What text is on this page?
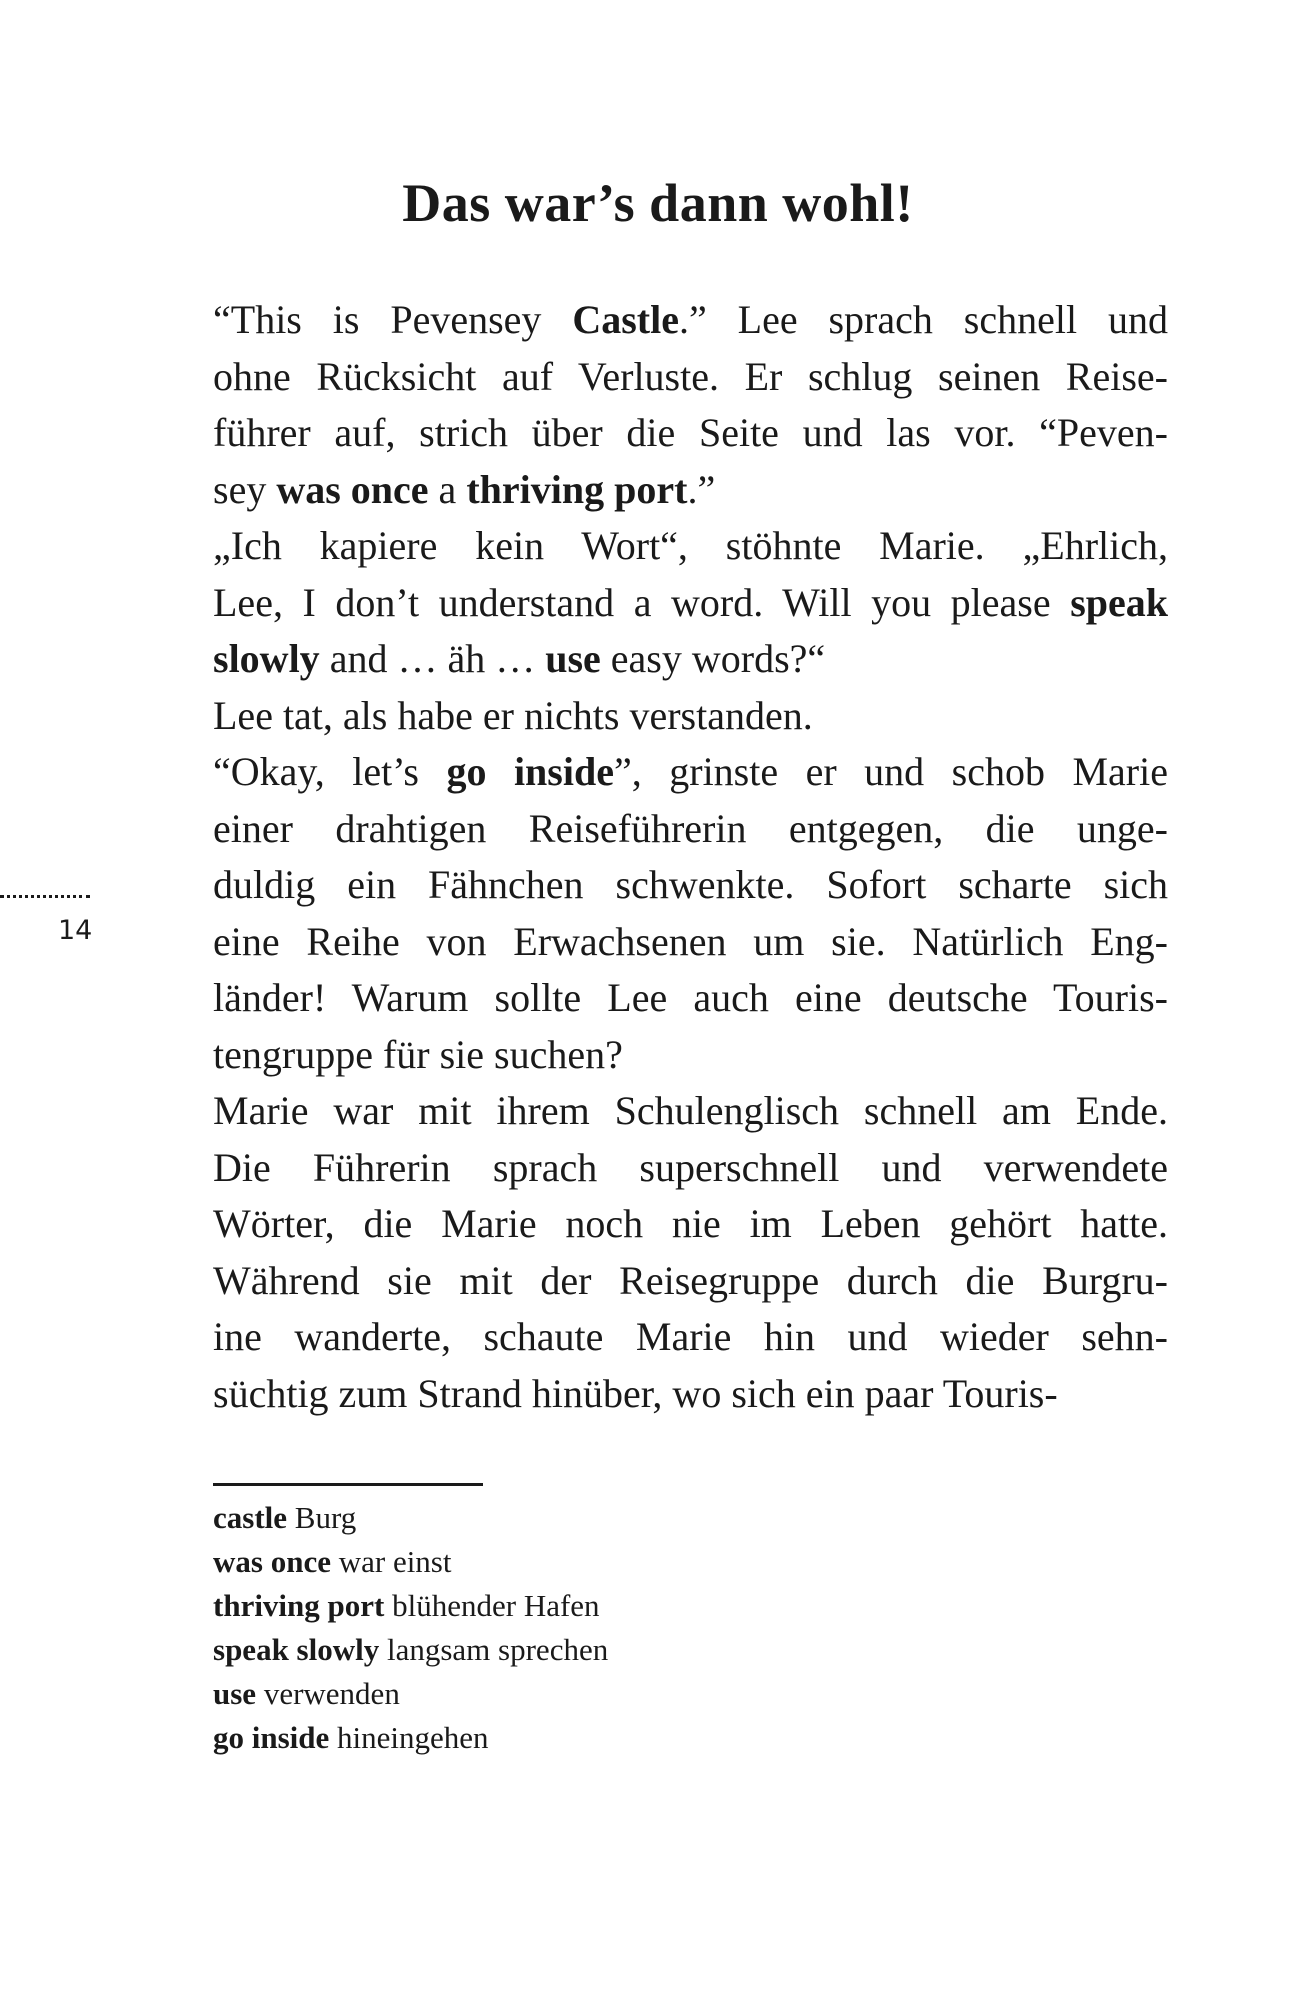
Das war’s dann wohl!

“This is Pevensey Castle.” Lee sprach schnell und

ohne Rücksicht auf Verluste. Er schlug seinen Reise-

führer auf, strich über die Seite und las vor. “Peven-

sey was once a thriving port.”

„Ich kapiere kein Wort“, stöhnte Marie. „Ehrlich,

Lee, I don’t understand a word. Will you please speak

slowly and … äh … use easy words?“

Lee tat, als habe er nichts verstanden.

“Okay, let’s go inside”, grinste er und schob Marie

einer drahtigen Reiseführerin entgegen, die unge-

duldig ein Fähnchen schwenkte. Sofort scharte sich

eine Reihe von Erwachsenen um sie. Natürlich Eng-

länder! Warum sollte Lee auch eine deutsche Touris-

tengruppe für sie suchen?

Marie war mit ihrem Schulenglisch schnell am Ende.

Die Führerin sprach superschnell und verwendete

Wörter, die Marie noch nie im Leben gehört hatte.

Während sie mit der Reisegruppe durch die Burgru-

ine wanderte, schaute Marie hin und wieder sehn-

süchtig zum Strand hinüber, wo sich ein paar Touris-

14
castle Burg
was once war einst
thriving port blühender Hafen
speak slowly langsam sprechen
use verwenden
go inside hineingehen
